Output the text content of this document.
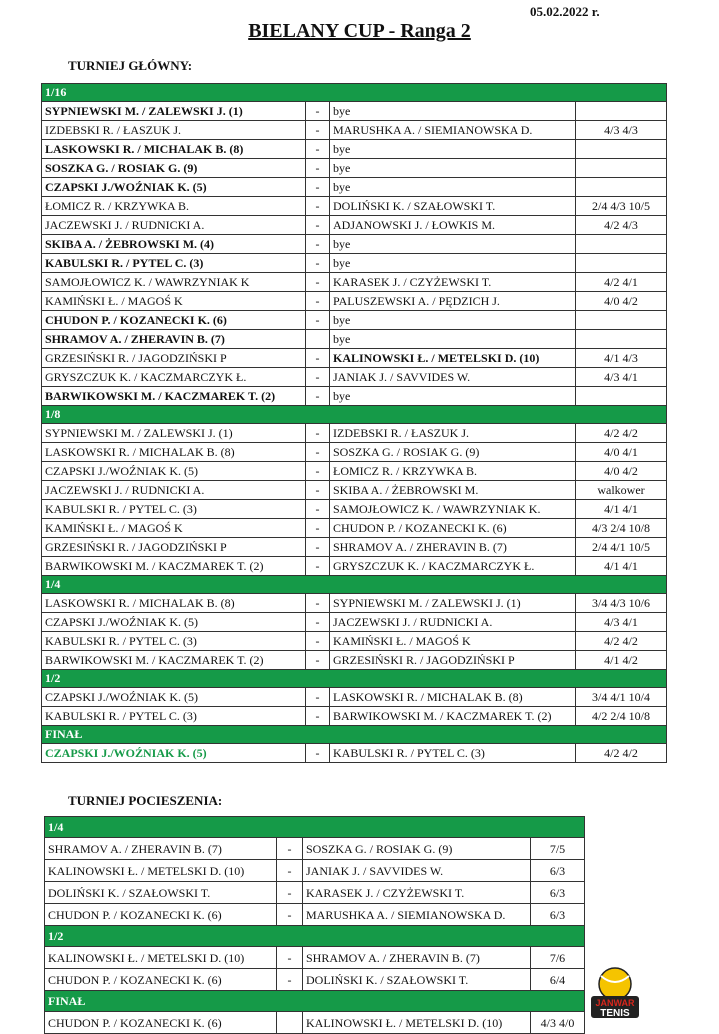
05.02.2022 r.
BIELANY CUP - Ranga 2
TURNIEJ GŁÓWNY:
1/16			
SYPNIEWSKI M. / ZALEWSKI J. (1)	-	bye	
IZDEBSKI R. / ŁASZUK J.	-	MARUSHKA A. / SIEMIANOWSKA D.	4/3 4/3
LASKOWSKI R. / MICHALAK B. (8)	-	bye	
SOSZKA G. / ROSIAK G. (9)	-	bye	
CZAPSKI J./WOŹNIAK K. (5)	-	bye	
ŁOMICZ R. / KRZYWKA B.	-	DOLIŃSKI K. / SZAŁOWSKI T.	2/4 4/3 10/5
JACZEWSKI J. / RUDNICKI A.	-	ADJANOWSKI J. / ŁOWKIS M.	4/2 4/3
SKIBA A. / ŻEBROWSKI M. (4)	-	bye	
KABULSKI R. / PYTEL C. (3)	-	bye	
SAMOJŁOWICZ K. / WAWRZYNIAK K	-	KARASEK J. / CZYŻEWSKI T.	4/2 4/1
KAMIŃSKI Ł. / MAGOŚ K	-	PALUSZEWSKI A. / PĘDZICH J.	4/0 4/2
CHUDON P. / KOZANECKI K. (6)	-	bye	
SHRAMOV A. / ZHERAVIN B. (7)		bye	
GRZESIŃSKI R. / JAGODZIŃSKI P	-	KALINOWSKI Ł. / METELSKI D. (10)	4/1 4/3
GRYSZCZUK K. / KACZMARCZYK Ł.	-	JANIAK J. / SAVVIDES W.	4/3 4/1
BARWIKOWSKI M. / KACZMAREK T. (2)	-	bye	
1/8			
SYPNIEWSKI M. / ZALEWSKI J. (1)	-	IZDEBSKI R. / ŁASZUK J.	4/2 4/2
LASKOWSKI R. / MICHALAK B. (8)	-	SOSZKA G. / ROSIAK G. (9)	4/0 4/1
CZAPSKI J./WOŹNIAK K. (5)	-	ŁOMICZ R. / KRZYWKA B.	4/0 4/2
JACZEWSKI J. / RUDNICKI A.	-	SKIBA A. / ŻEBROWSKI M.	walkower
KABULSKI R. / PYTEL C. (3)	-	SAMOJŁOWICZ K. / WAWRZYNIAK K.	4/1 4/1
KAMIŃSKI Ł. / MAGOŚ K	-	CHUDON P. / KOZANECKI K. (6)	4/3 2/4 10/8
GRZESIŃSKI R. / JAGODZIŃSKI P	-	SHRAMOV A. / ZHERAVIN B. (7)	2/4 4/1 10/5
BARWIKOWSKI M. / KACZMAREK T. (2)	-	GRYSZCZUK K. / KACZMARCZYK Ł.	4/1 4/1
1/4			
LASKOWSKI R. / MICHALAK B. (8)	-	SYPNIEWSKI M. / ZALEWSKI J. (1)	3/4 4/3 10/6
CZAPSKI J./WOŹNIAK K. (5)	-	JACZEWSKI J. / RUDNICKI A.	4/3 4/1
KABULSKI R. / PYTEL C. (3)	-	KAMIŃSKI Ł. / MAGOŚ K	4/2 4/2
BARWIKOWSKI M. / KACZMAREK T. (2)	-	GRZESIŃSKI R. / JAGODZIŃSKI P	4/1 4/2
1/2			
CZAPSKI J./WOŹNIAK K. (5)	-	LASKOWSKI R. / MICHALAK B. (8)	3/4 4/1 10/4
KABULSKI R. / PYTEL C. (3)	-	BARWIKOWSKI M. / KACZMAREK T. (2)	4/2 2/4 10/8
FINAŁ			
CZAPSKI J./WOŹNIAK K. (5)	-	KABULSKI R. / PYTEL C. (3)	4/2 4/2
TURNIEJ POCIESZENIA:
1/4			
SHRAMOV A. / ZHERAVIN B. (7)	-	SOSZKA G. / ROSIAK G. (9)	7/5
KALINOWSKI Ł. / METELSKI D. (10)	-	JANIAK J. / SAVVIDES W.	6/3
DOLIŃSKI K. / SZAŁOWSKI T.	-	KARASEK J. / CZYŻEWSKI T.	6/3
CHUDON P. / KOZANECKI K. (6)	-	MARUSHKA A. / SIEMIANOWSKA D.	6/3
1/2			
KALINOWSKI Ł. / METELSKI D. (10)	-	SHRAMOV A. / ZHERAVIN B. (7)	7/6
CHUDON P. / KOZANECKI K. (6)	-	DOLIŃSKI K. / SZAŁOWSKI T.	6/4
FINAŁ			
CHUDON P. / KOZANECKI K. (6)		KALINOWSKI Ł. / METELSKI D. (10)	4/3 4/0
JANWAR
TENIS
